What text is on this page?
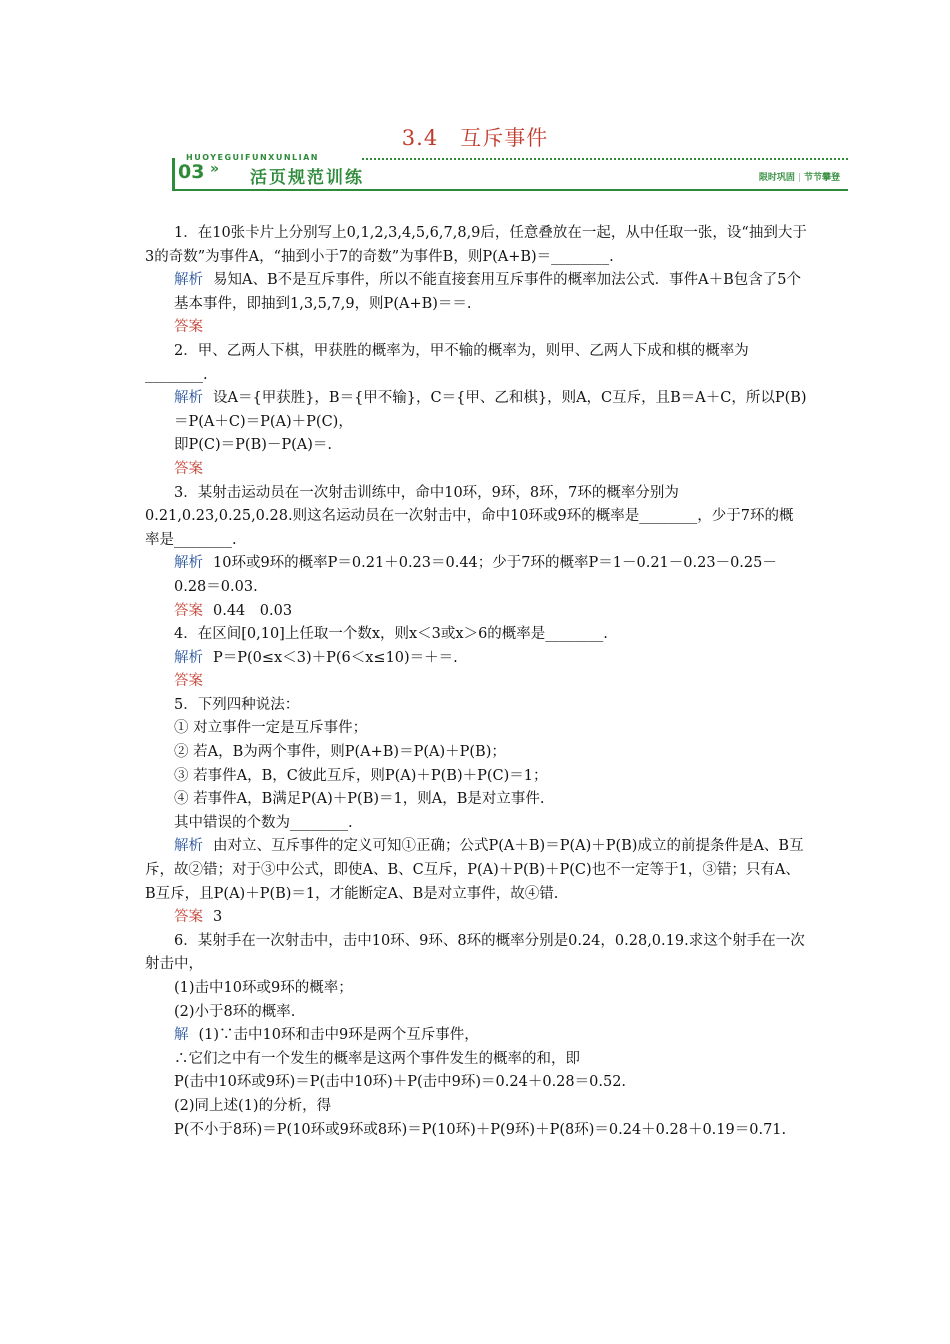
3.4　互斥事件
HUOYEGUIFUNXUNLIAN
03 » 活页规范训练	限时巩固 | 节节攀登

1．在10张卡片上分别写上0,1,2,3,4,5,6,7,8,9后，任意叠放在一起，从中任取一张，设“抽到大于3的奇数”为事件A，“抽到小于7的奇数”为事件B，则P(A+B)＝________.

解析 易知A、B不是互斥事件，所以不能直接套用互斥事件的概率加法公式．事件A＋B包含了5个基本事件，即抽到1,3,5,7,9，则P(A+B)＝＝.

答案

2．甲、乙两人下棋，甲获胜的概率为，甲不输的概率为，则甲、乙两人下成和棋的概率为________.

解析 设A＝{甲获胜}，B＝{甲不输}，C＝{甲、乙和棋}，则A，C互斥，且B＝A＋C，所以P(B)＝P(A＋C)＝P(A)＋P(C)，

即P(C)＝P(B)－P(A)＝.

答案

3．某射击运动员在一次射击训练中，命中10环，9环，8环，7环的概率分别为0.21,0.23,0.25,0.28.则这名运动员在一次射击中，命中10环或9环的概率是________，少于7环的概率是________.

解析 10环或9环的概率P＝0.21＋0.23＝0.44；少于7环的概率P＝1－0.21－0.23－0.25－0.28＝0.03.

答案 0.44　0.03

4．在区间[0,10]上任取一个数x，则x＜3或x＞6的概率是________.

解析 P＝P(0≤x＜3)＋P(6＜x≤10)＝＋＝.

答案

5．下列四种说法：

① 对立事件一定是互斥事件；

② 若A，B为两个事件，则P(A+B)＝P(A)＋P(B)；

③ 若事件A，B，C彼此互斥，则P(A)＋P(B)＋P(C)＝1；

④ 若事件A，B满足P(A)＋P(B)＝1，则A，B是对立事件.

其中错误的个数为________.

解析 由对立、互斥事件的定义可知①正确；公式P(A＋B)＝P(A)＋P(B)成立的前提条件是A、B互斥，故②错；对于③中公式，即使A、B、C互斥，P(A)＋P(B)＋P(C)也不一定等于1，③错；只有A、B互斥，且P(A)＋P(B)＝1，才能断定A、B是对立事件，故④错.

答案 3

6．某射手在一次射击中，击中10环、9环、8环的概率分别是0.24，0.28,0.19.求这个射手在一次射击中，

(1)击中10环或9环的概率；

(2)小于8环的概率.

解 (1)∵击中10环和击中9环是两个互斥事件，

∴它们之中有一个发生的概率是这两个事件发生的概率的和，即

P(击中10环或9环)＝P(击中10环)＋P(击中9环)＝0.24＋0.28＝0.52.

(2)同上述(1)的分析，得

P(不小于8环)＝P(10环或9环或8环)＝P(10环)＋P(9环)＋P(8环)＝0.24＋0.28＋0.19＝0.71.
